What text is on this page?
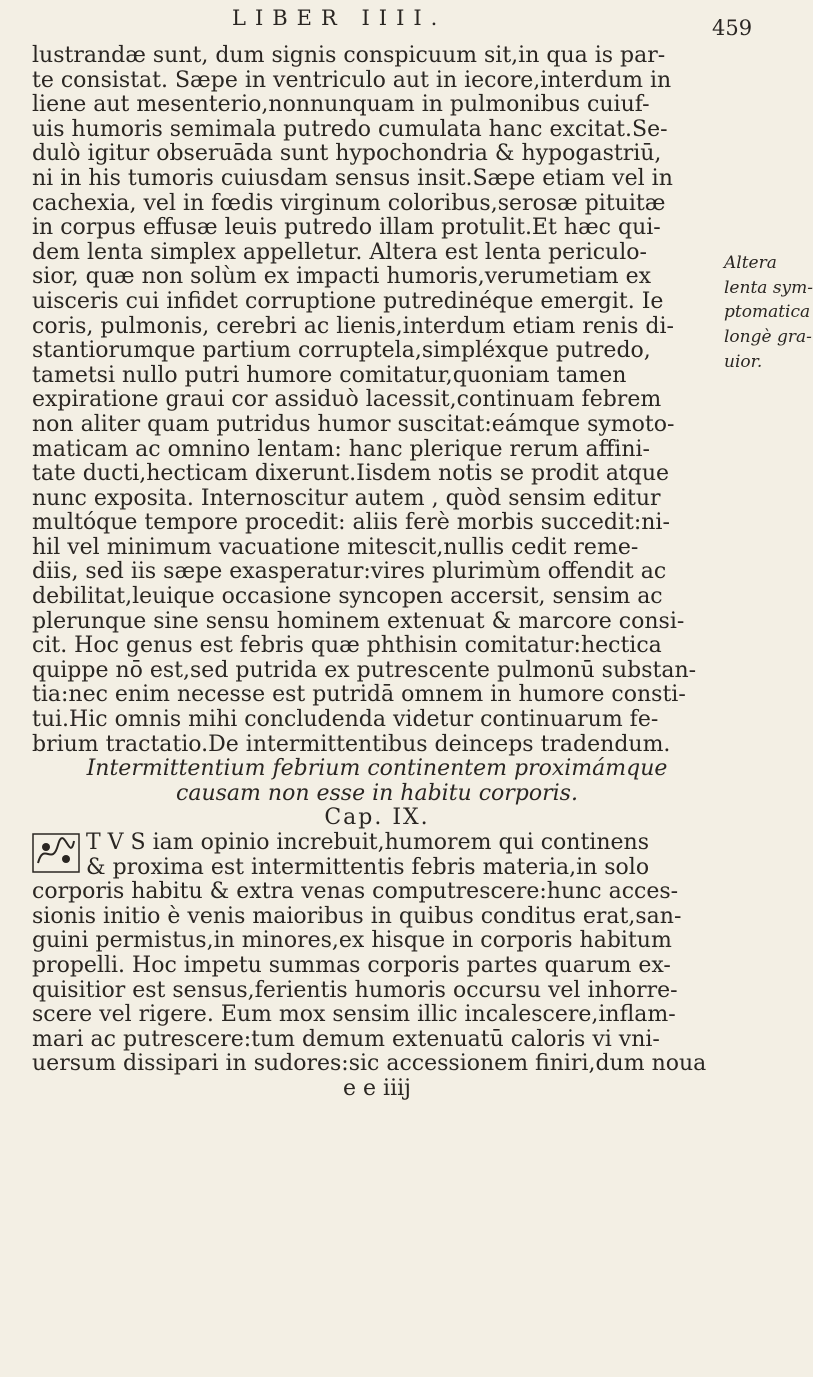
LIBER IIII.	459
lustrandæ sunt, dum signis conspicuum sit,in qua is par-
te consistat. Sæpe in ventriculo aut in iecore,interdum in
liene aut mesenterio,nonnunquam in pulmonibus cuiuf-
uis humoris semimala putredo cumulata hanc excitat.Se-
dulò igitur obseruāda sunt hypochondria & hypogastriū,
ni in his tumoris cuiusdam sensus insit.Sæpe etiam vel in
cachexia, vel in fœdis virginum coloribus,serosæ pituitæ
in corpus effusæ leuis putredo illam protulit.Et hæc qui-
dem lenta simplex appelletur. Altera est lenta periculo-
sior, quæ non solùm ex impacti humoris,verumetiam ex
uisceris cui infidet corruptione putredinéque emergit. Ie
coris, pulmonis, cerebri ac lienis,interdum etiam renis di-
stantiorumque partium corruptela,simpléxque putredo,
tametsi nullo putri humore comitatur,quoniam tamen
expiratione graui cor assiduò lacessit,continuam febrem
non aliter quam putridus humor suscitat:eámque symoto-
maticam ac omnino lentam: hanc plerique rerum affini-
tate ducti,hecticam dixerunt.Iisdem notis se prodit atque
nunc exposita. Internoscitur autem , quòd sensim editur
multóque tempore procedit: aliis ferè morbis succedit:ni-
hil vel minimum vacuatione mitescit,nullis cedit reme-
diis, sed iis sæpe exasperatur:vires plurimùm offendit ac
debilitat,leuique occasione syncopen accersit, sensim ac
plerunque sine sensu hominem extenuat & marcore consi-
cit. Hoc genus est febris quæ phthisin comitatur:hectica
quippe nō est,sed putrida ex putrescente pulmonū substan-
tia:nec enim necesse est putridā omnem in humore consti-
tui.Hic omnis mihi concludenda videtur continuarum fe-
brium tractatio.De intermittentibus deinceps tradendum.
Intermittentium febrium continentem proximámque
causam non esse in habitu corporis.
Cap. IX.
T V S iam opinio increbuit,humorem qui continens
& proxima est intermittentis febris materia,in solo
corporis habitu & extra venas computrescere:hunc acces-
sionis initio è venis maioribus in quibus conditus erat,san-
guini permistus,in minores,ex hisque in corporis habitum
propelli. Hoc impetu summas corporis partes quarum ex-
quisitior est sensus,ferientis humoris occursu vel inhorre-
scere vel rigere. Eum mox sensim illic incalescere,inflam-
mari ac putrescere:tum demum extenuatū caloris vi vni-
uersum dissipari in sudores:sic accessionem finiri,dum noua
e e iiij
Altera
lenta sym-
ptomatica
longè gra-
uior.
